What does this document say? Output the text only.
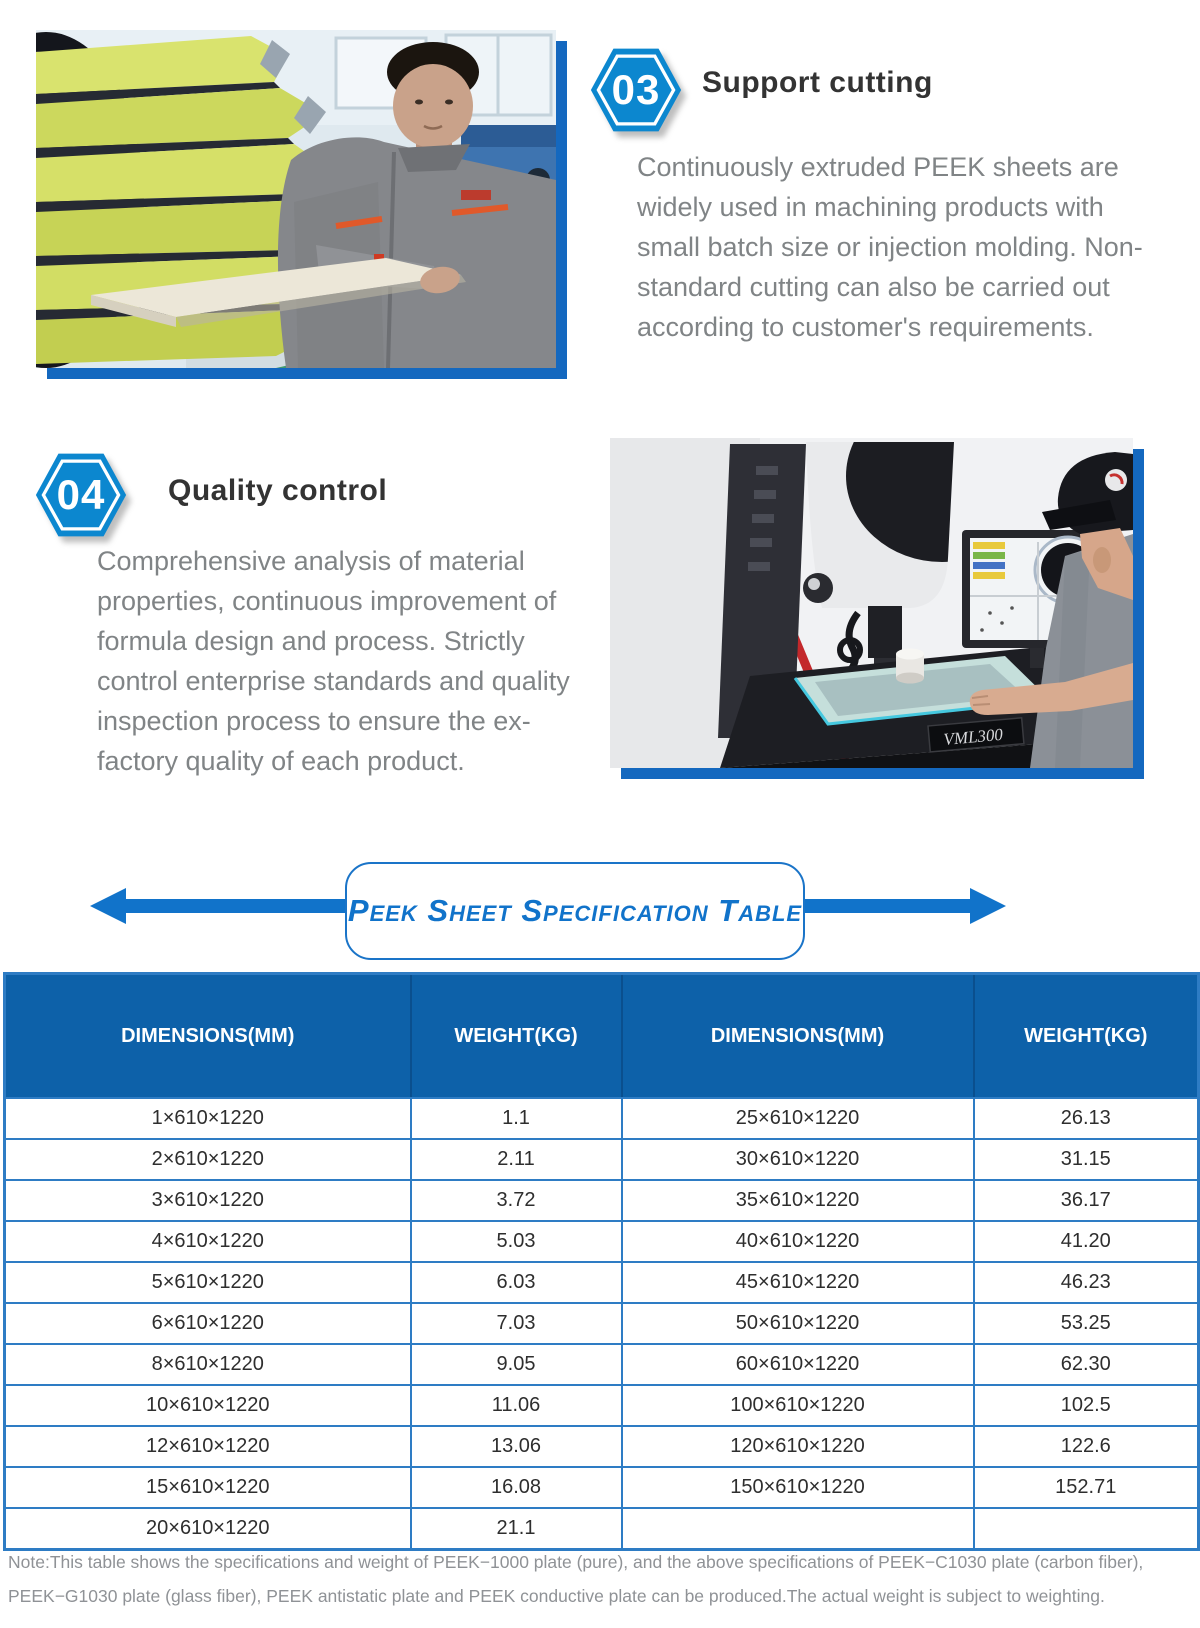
03	Support cutting
Continuously extruded PEEK sheets are widely used in machining products with small batch size or injection molding. Non-standard cutting can also be carried out according to customer's requirements.
04	Quality control
Comprehensive analysis of material properties, continuous improvement of formula design and process. Strictly control enterprise standards and quality inspection process to ensure the ex-factory quality of each product.
VML300
Peek Sheet Specification Table
DIMENSIONS(MM)	WEIGHT(KG)	DIMENSIONS(MM)	WEIGHT(KG)
1×610×1220	1.1	25×610×1220	26.13
2×610×1220	2.11	30×610×1220	31.15
3×610×1220	3.72	35×610×1220	36.17
4×610×1220	5.03	40×610×1220	41.20
5×610×1220	6.03	45×610×1220	46.23
6×610×1220	7.03	50×610×1220	53.25
8×610×1220	9.05	60×610×1220	62.30
10×610×1220	11.06	100×610×1220	102.5
12×610×1220	13.06	120×610×1220	122.6
15×610×1220	16.08	150×610×1220	152.71
20×610×1220	21.1		
Note:This table shows the specifications and weight of PEEK−1000 plate (pure), and the above specifications of PEEK−C1030 plate (carbon fiber), PEEK−G1030 plate (glass fiber), PEEK antistatic plate and PEEK conductive plate can be produced.The actual weight is subject to weighting.
